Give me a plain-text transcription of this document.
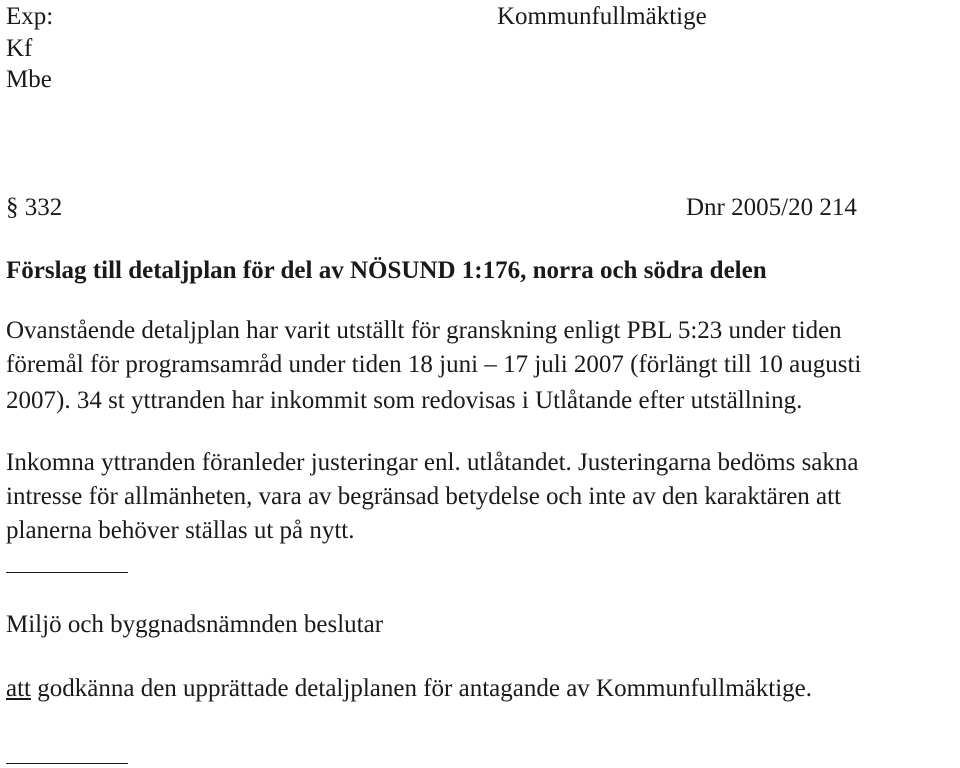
Exp:	Kommunfullmäktige
Kf
Mbe
§ 332	Dnr 2005/20 214
Förslag till detaljplan för del av NÖSUND 1:176, norra och södra delen
Ovanstående detaljplan har varit utställt för granskning enligt PBL 5:23 under tiden
föremål för programsamråd under tiden 18 juni – 17 juli 2007 (förlängt till 10 augusti
2007). 34 st yttranden har inkommit som redovisas i Utlåtande efter utställning.
Inkomna yttranden föranleder justeringar enl. utlåtandet. Justeringarna bedöms sakna
intresse för allmänheten, vara av begränsad betydelse och inte av den karaktären att
planerna behöver ställas ut på nytt.
Miljö och byggnadsnämnden beslutar
att godkänna den upprättade detaljplanen för antagande av Kommunfullmäktige.
